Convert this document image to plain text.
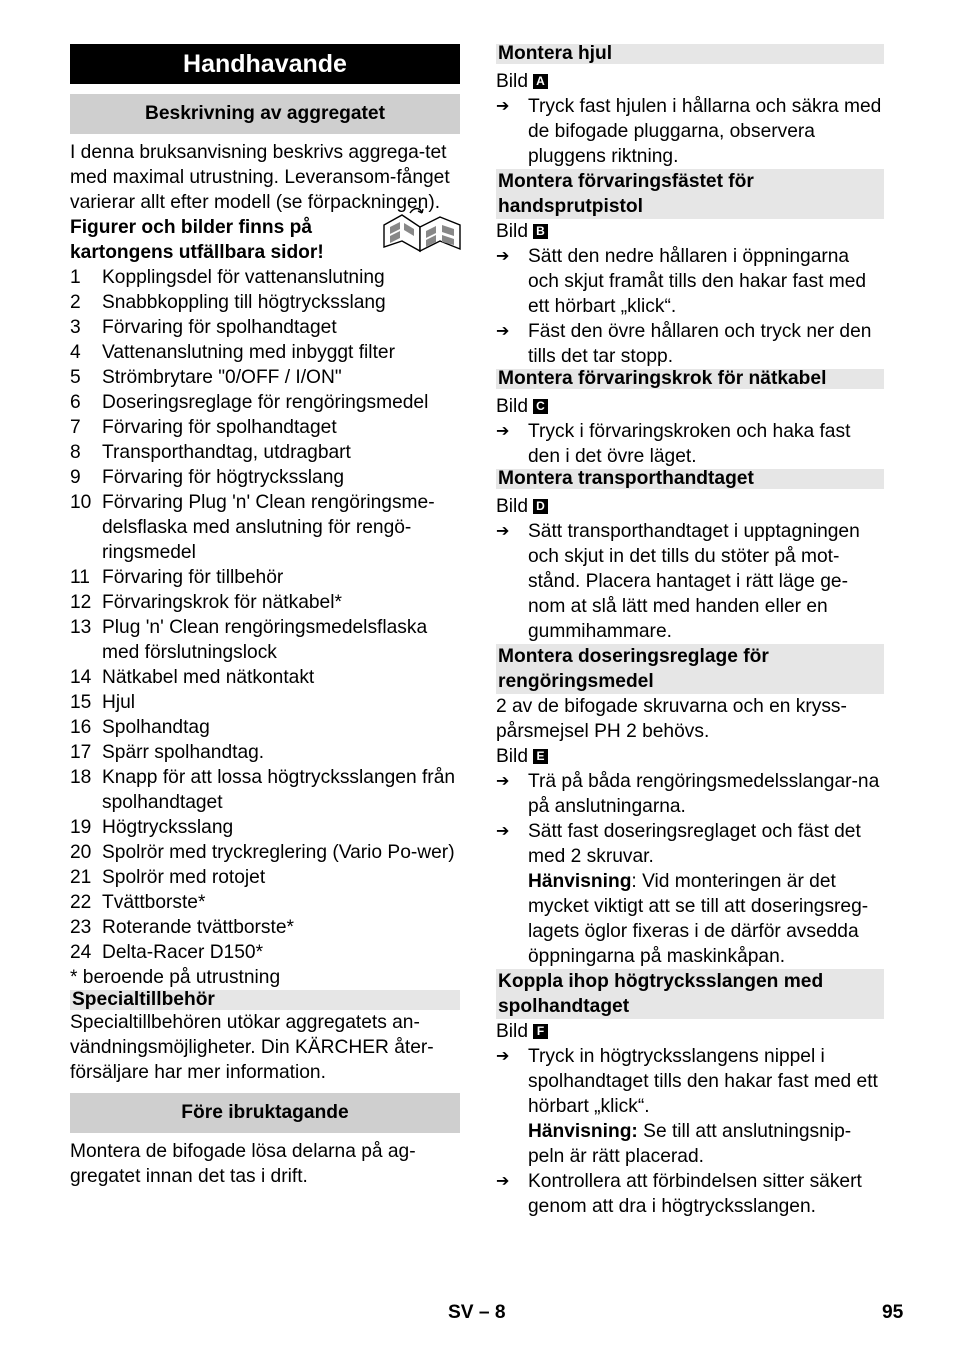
Handhavande
Beskrivning av aggregatet

I denna bruksanvisning beskrivs aggrega-tet med maximal utrustning. Leveransom-fånget varierar allt efter modell (se förpackningen).

Figurer och bilder finns på kartongens utfällbara sidor!

1	Kopplingsdel för vattenanslutning
2	Snabbkoppling till högtrycksslang
3	Förvaring för spolhandtaget
4	Vattenanslutning med inbyggt filter
5	Strömbrytare "0/OFF / I/ON"
6	Doseringsreglage för rengöringsmedel
7	Förvaring för spolhandtaget
8	Transporthandtag, utdragbart
9	Förvaring för högtrycksslang
10 Förvaring Plug 'n' Clean rengöringsme-delsflaska med anslutning för rengö-ringsmedel
11 Förvaring för tillbehör
12 Förvaringskrok för nätkabel*
13 Plug 'n' Clean rengöringsmedelsflaska med förslutningslock
14 Nätkabel med nätkontakt
15 Hjul
16 Spolhandtag
17 Spärr spolhandtag.
18 Knapp för att lossa högtrycksslangen från spolhandtaget
19 Högtrycksslang
20 Spolrör med tryckreglering (Vario Po-wer)
21 Spolrör med rotojet
22 Tvättborste*
23 Roterande tvättborste*
24 Delta-Racer D150*

* beroende på utrustning

Specialtillbehör

Specialtillbehören utökar aggregatets an-vändningsmöjligheter. Din KÄRCHER åter-försäljare har mer information.

Före ibruktagande

Montera de bifogade lösa delarna på ag-gregatet innan det tas i drift.

Montera hjul
Bild A
➔ Tryck fast hjulen i hållarna och säkra med de bifogade pluggarna, observera pluggens riktning.
Montera förvaringsfästet för handsprutpistol
Bild B
➔ Sätt den nedre hållaren i öppningarna och skjut framåt tills den hakar fast med ett hörbart „klick“.
➔ Fäst den övre hållaren och tryck ner den tills det tar stopp.
Montera förvaringskrok för nätkabel
Bild C
➔ Tryck i förvaringskroken och haka fast den i det övre läget.
Montera transporthandtaget
Bild D
➔ Sätt transporthandtaget i upptagningen och skjut in det tills du stöter på mot-stånd. Placera hantaget i rätt läge ge-nom at slå lätt med handen eller en gummihammare.
Montera doseringsreglage för rengöringsmedel

2 av de bifogade skruvarna och en kryss-pårsmejsel PH 2 behövs.

Bild E
➔ Trä på båda rengöringsmedelsslangar-na på anslutningarna.
➔ Sätt fast doseringsreglaget och fäst det med 2 skruvar.
Hänvisning: Vid monteringen är det mycket viktigt att se till att doseringsreg-lagets öglor fixeras i de därför avsedda öppningarna på maskinkåpan.
Koppla ihop högtrycksslangen med spolhandtaget
Bild F
➔ Tryck in högtrycksslangens nippel i spolhandtaget tills den hakar fast med ett hörbart „klick“.
Hänvisning: Se till att anslutningsnip-peln är rätt placerad.
➔ Kontrollera att förbindelsen sitter säkert genom att dra i högtrycksslangen.
SV – 8	95
